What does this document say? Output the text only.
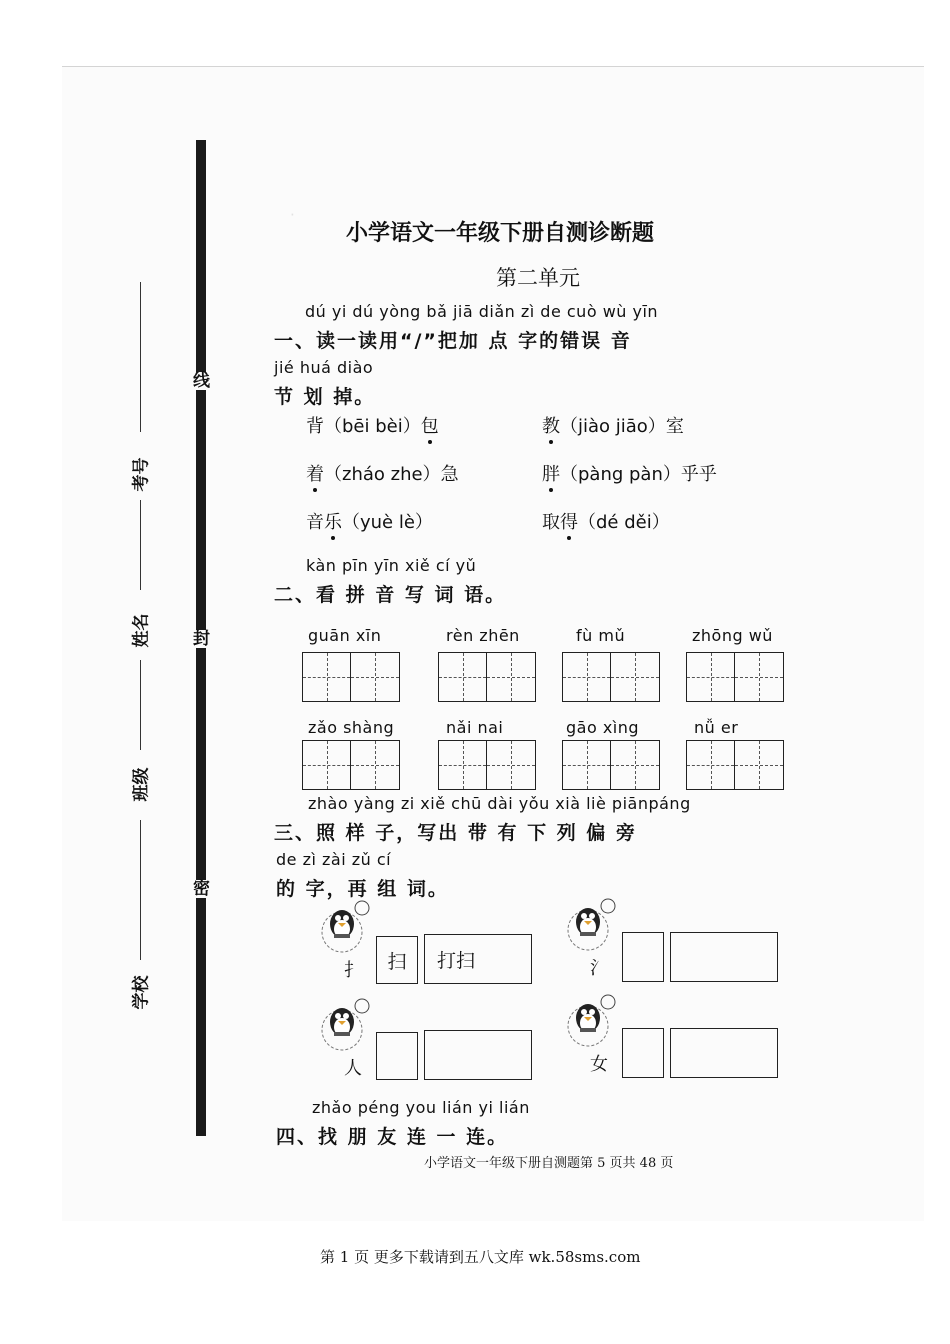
线
封
密
考号
姓名
班级
学校
·
小学语文一年级下册自测诊断题
第二单元
dú yi dú yòng bǎ jiā diǎn zì de cuò wù yīn
一、读一读用“/”把加 点 字的错误 音
jié huá diào
节 划 掉。
背（bēi bèi）包	教（jiào jiāo）室
着（zháo zhe）急	胖（pàng pàn）乎乎
音乐（yuè lè）	取得（dé děi）
kàn pīn yīn xiě cí yǔ
二、看 拼 音 写 词 语。
guān xīn	rèn zhēn	fù mǔ	zhōng wǔ
zǎo shàng	nǎi nai	gāo xìng	nǚ er
zhào yàng zi xiě chū dài yǒu xià liè piānpáng
三、照 样 子，写出 带 有 下 列 偏 旁
de zì zài zǔ cí
的 字，再 组 词。
扌 扫 打扫	氵
人	女
zhǎo péng you lián yi lián
四、找 朋 友 连 一 连。
小学语文一年级下册自测题第 5 页共 48 页
第 1 页 更多下载请到五八文库 wk.58sms.com
